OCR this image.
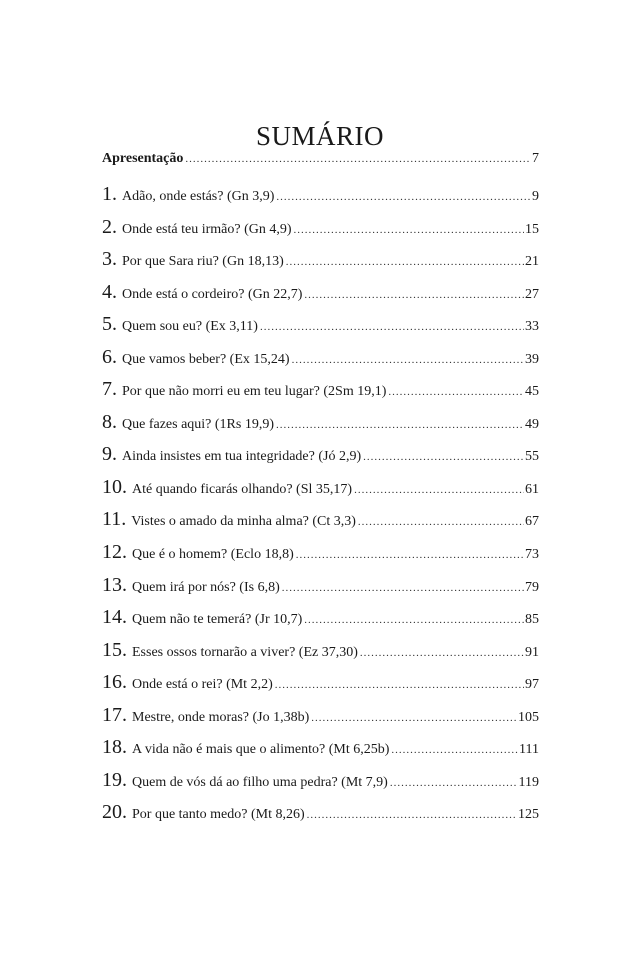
SUMÁRIO
Apresentação .....	7
1. Adão, onde estás? (Gn 3,9) .....	9
2. Onde está teu irmão? (Gn 4,9) .....	15
3. Por que Sara riu? (Gn 18,13) .....	21
4. Onde está o cordeiro? (Gn 22,7) .....	27
5. Quem sou eu? (Ex 3,11) .....	33
6. Que vamos beber? (Ex 15,24) .....	39
7. Por que não morri eu em teu lugar? (2Sm 19,1) .....	45
8. Que fazes aqui? (1Rs 19,9) .....	49
9. Ainda insistes em tua integridade? (Jó 2,9) .....	55
10. Até quando ficarás olhando? (Sl 35,17) .....	61
11. Vistes o amado da minha alma? (Ct 3,3) .....	67
12. Que é o homem? (Eclo 18,8) .....	73
13. Quem irá por nós? (Is 6,8) .....	79
14. Quem não te temerá? (Jr 10,7) .....	85
15. Esses ossos tornarão a viver? (Ez 37,30) .....	91
16. Onde está o rei? (Mt 2,2) .....	97
17. Mestre, onde moras? (Jo 1,38b) .....	105
18. A vida não é mais que o alimento? (Mt 6,25b) .....	111
19. Quem de vós dá ao filho uma pedra? (Mt 7,9) .....	119
20. Por que tanto medo? (Mt 8,26) .....	125
